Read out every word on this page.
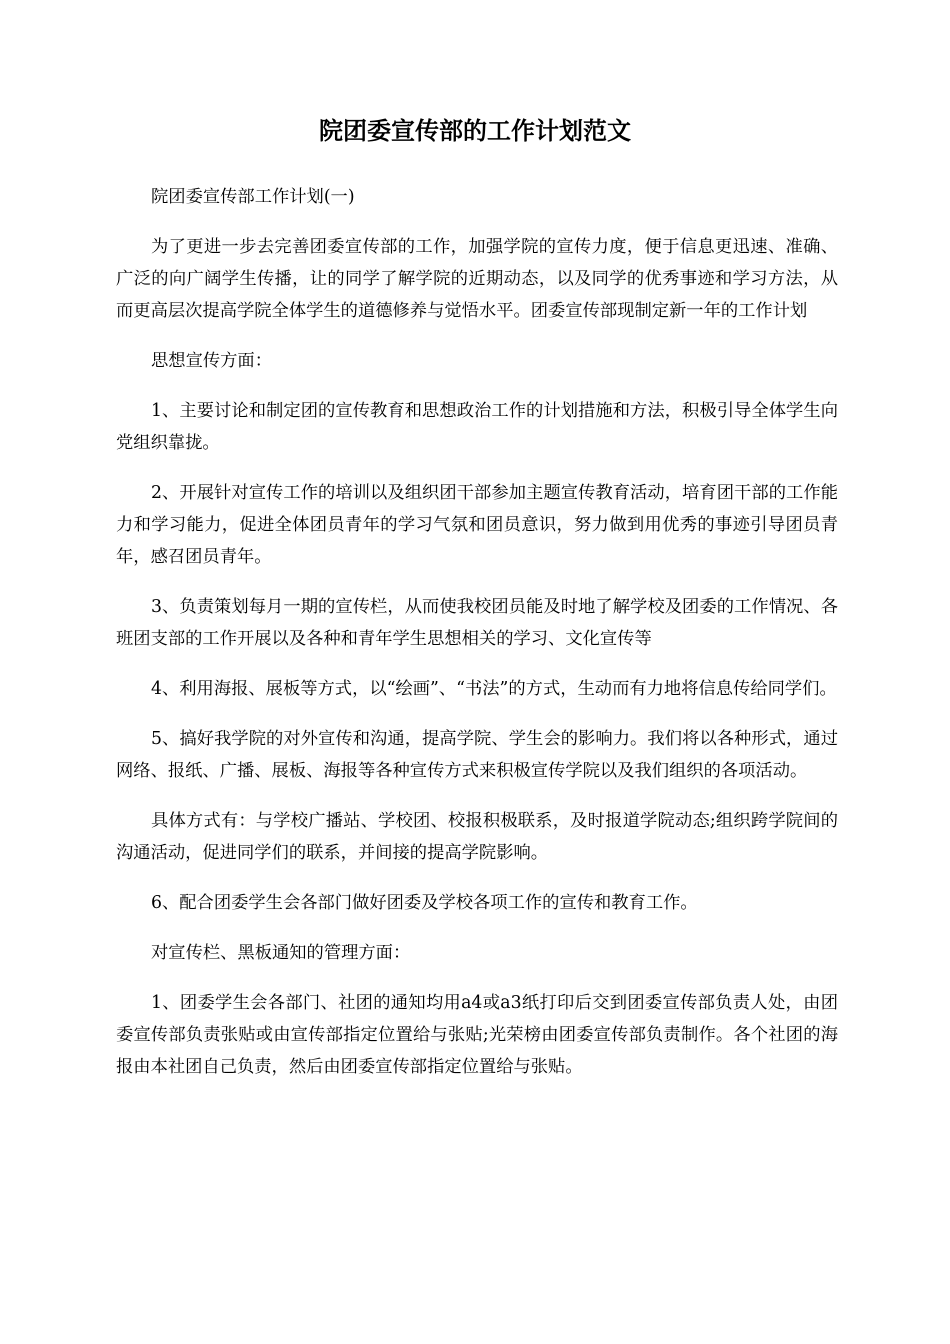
院团委宣传部的工作计划范文

院团委宣传部工作计划(一)

为了更进一步去完善团委宣传部的工作，加强学院的宣传力度，便于信息更迅速、准确、广泛的向广阔学生传播，让的同学了解学院的近期动态，以及同学的优秀事迹和学习方法，从而更高层次提高学院全体学生的道德修养与觉悟水平。团委宣传部现制定新一年的工作计划

思想宣传方面：

1、主要讨论和制定团的宣传教育和思想政治工作的计划措施和方法，积极引导全体学生向党组织靠拢。

2、开展针对宣传工作的培训以及组织团干部参加主题宣传教育活动，培育团干部的工作能力和学习能力，促进全体团员青年的学习气氛和团员意识，努力做到用优秀的事迹引导团员青年，感召团员青年。

3、负责策划每月一期的宣传栏，从而使我校团员能及时地了解学校及团委的工作情况、各班团支部的工作开展以及各种和青年学生思想相关的学习、文化宣传等

4、利用海报、展板等方式，以“绘画”、“书法”的方式，生动而有力地将信息传给同学们。

5、搞好我学院的对外宣传和沟通，提高学院、学生会的影响力。我们将以各种形式，通过网络、报纸、广播、展板、海报等各种宣传方式来积极宣传学院以及我们组织的各项活动。

具体方式有：与学校广播站、学校团、校报积极联系，及时报道学院动态;组织跨学院间的沟通活动，促进同学们的联系，并间接的提高学院影响。

6、配合团委学生会各部门做好团委及学校各项工作的宣传和教育工作。

对宣传栏、黑板通知的管理方面：

1、团委学生会各部门、社团的通知均用a4或a3纸打印后交到团委宣传部负责人处，由团委宣传部负责张贴或由宣传部指定位置给与张贴;光荣榜由团委宣传部负责制作。各个社团的海报由本社团自己负责，然后由团委宣传部指定位置给与张贴。
